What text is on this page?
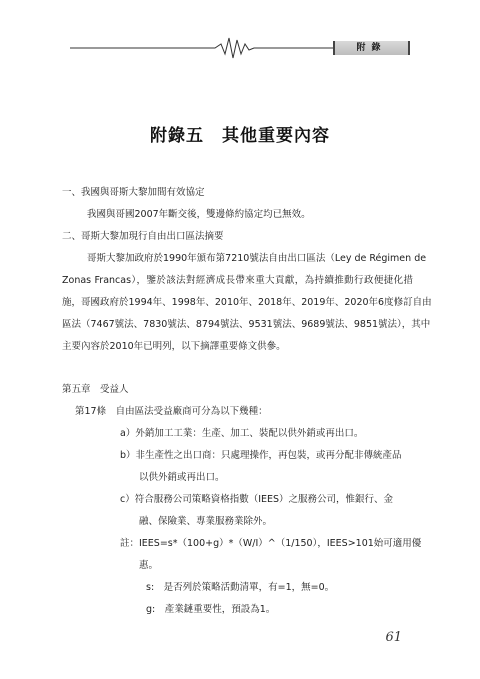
附錄
附錄五　其他重要內容
一、我國與哥斯大黎加間有效協定
我國與哥國2007年斷交後，雙邊條約協定均已無效。
二、哥斯大黎加現行自由出口區法摘要
哥斯大黎加政府於1990年頒布第7210號法自由出口區法（Ley de Régimen de
Zonas Francas），鑒於該法對經濟成長帶來重大貢獻，為持續推動行政便捷化措
施，哥國政府於1994年、1998年、2010年、2018年、2019年、2020年6度修訂自由
區法（7467號法、7830號法、8794號法、9531號法、9689號法、9851號法），其中
主要內容於2010年已明列，以下摘譯重要條文供參。
第五章　受益人
第17條　自由區法受益廠商可分為以下幾種：
a）外銷加工工業：生產、加工、裝配以供外銷或再出口。
b）非生產性之出口商：只處理操作，再包裝，或再分配非傳統產品
以供外銷或再出口。
c）符合服務公司策略資格指數（IEES）之服務公司，惟銀行、金
融、保險業、專業服務業除外。
註：IEES=s*（100+g）*（W/I）^（1/150），IEES>101始可適用優
惠。
s:　是否列於策略活動清單，有=1，無=0。
g:　產業鏈重要性，預設為1。
61
